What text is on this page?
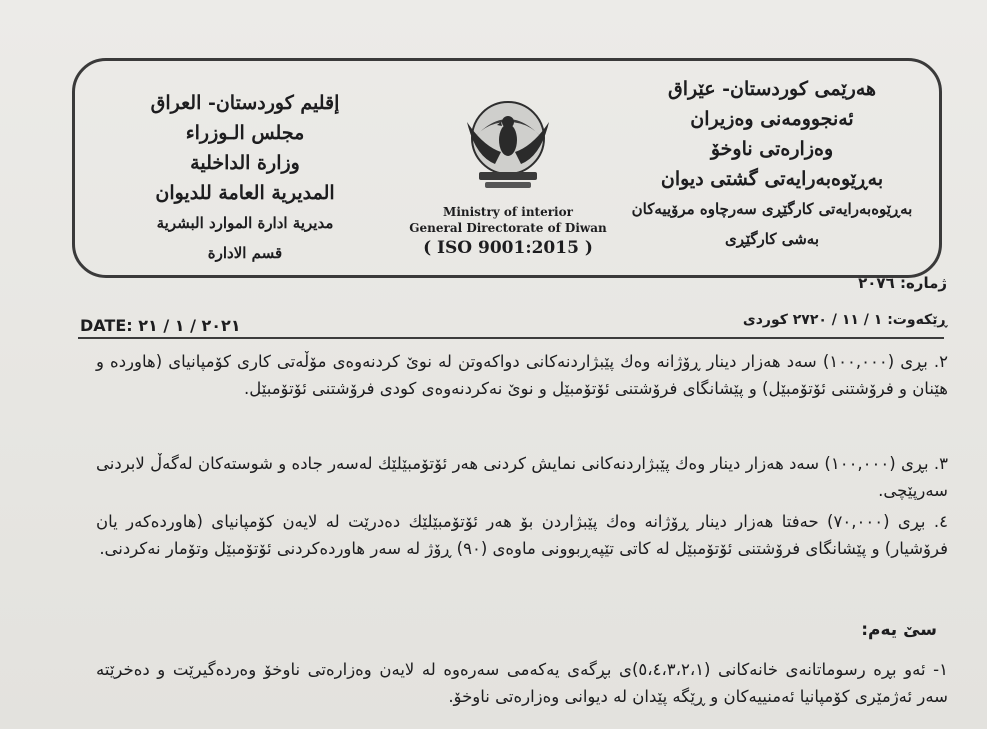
إقليم كوردستان- العراق
مجلس الـوزراء
وزارة الداخلية
المديرية العامة للديوان
مديرية ادارة الموارد البشرية
قسم الادارة
Ministry of interior
General Directorate of Diwan
( ISO 9001:2015 )
هەرێمی کوردستان- عێراق
ئەنجوومەنی وەزیران
وەزارەتی ناوخۆ
بەڕێوەبەرایەتی گشتی دیوان
بەڕێوەبەرایەتی کارگێڕی سەرچاوە مرۆییەکان
بەشی کارگێڕی
ژمارە: ٢٠٧٦
DATE: ٢٠٢١ / ١ / ٢١	ڕێکەوت: ١ / ١١ / ٢٧٢٠ کوردی
٢. بڕی (١٠٠,٠٠٠) سەد هەزار دینار ڕۆژانە وەك پێبژاردنەکانی دواکەوتن لە نوێ کردنەوەی مۆڵەتی کاری کۆمپانیای (هاوردە و هێنان و فرۆشتنی ئۆتۆمبێل) و پێشانگای فرۆشتنی ئۆتۆمبێل و نوێ نەکردنەوەی کودی فرۆشتنی ئۆتۆمبێل.
٣. بڕی (١٠٠,٠٠٠) سەد هەزار دینار وەك پێبژاردنەکانی نمایش کردنی هەر ئۆتۆمبێلێك لەسەر جادە و شوستەکان لەگەڵ لابردنی سەرپێچی.
٤. بڕی (٧٠,٠٠٠) حەفتا هەزار دینار ڕۆژانە وەك پێبژاردن بۆ هەر ئۆتۆمبێلێك دەدرێت لە لایەن کۆمپانیای (هاوردەکەر یان فرۆشیار) و پێشانگای فرۆشتنی ئۆتۆمبێل لە کاتی تێپەڕبوونی ماوەی (٩٠) ڕۆژ لە سەر هاوردەکردنی ئۆتۆمبێل وتۆمار نەکردنی.
سێ یەم:
١- ئەو بڕە رسوماتانەی خانەکانی (٥،٤،٣،٢،١)ی بڕگەی یەکەمی سەرەوە لە لایەن وەزارەتی ناوخۆ وەردەگیرێت و دەخرێتە سەر ئەژمێری کۆمپانیا ئەمنییەکان و ڕێگە پێدان لە دیوانی وەزارەتی ناوخۆ.
